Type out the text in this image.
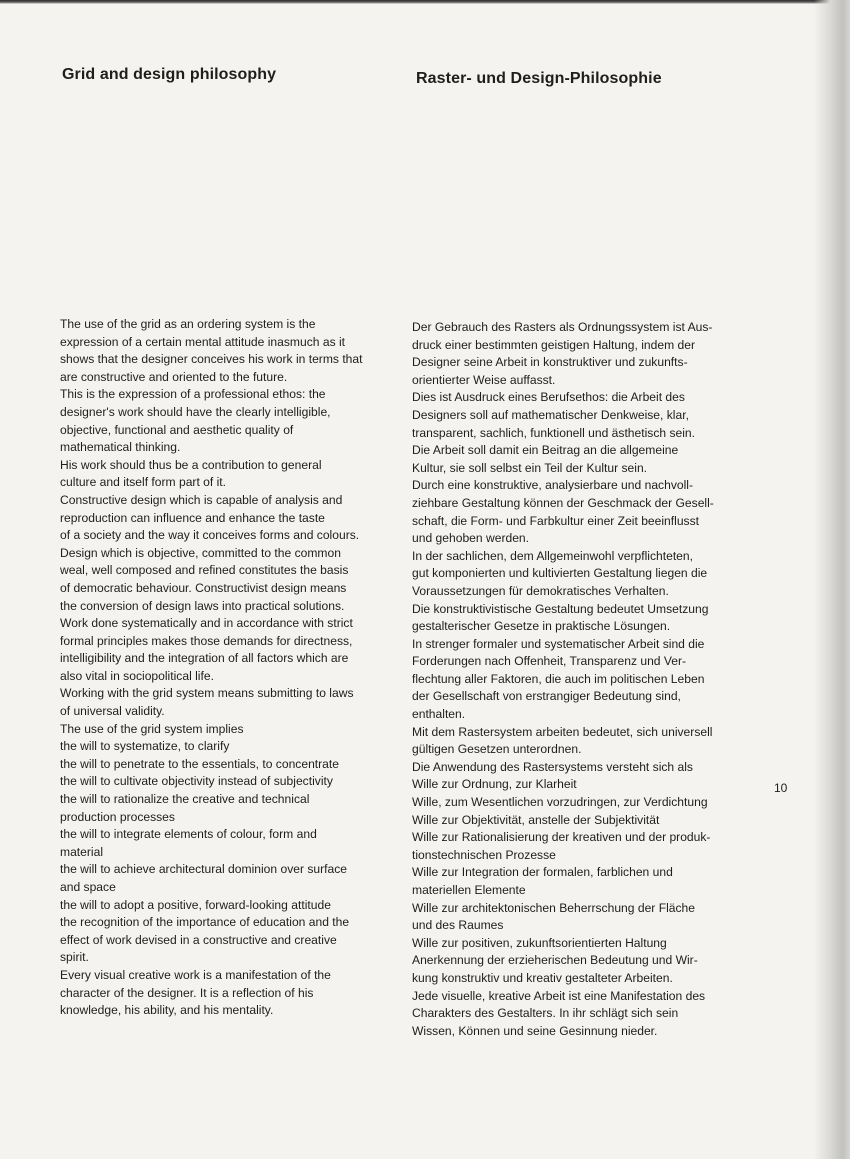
Grid and design philosophy	Raster- und Design-Philosophie
The use of the grid as an ordering system is the
expression of a certain mental attitude inasmuch as it
shows that the designer conceives his work in terms that
are constructive and oriented to the future.
This is the expression of a professional ethos: the
designer's work should have the clearly intelligible,
objective, functional and aesthetic quality of
mathematical thinking.
His work should thus be a contribution to general
culture and itself form part of it.
Constructive design which is capable of analysis and
reproduction can influence and enhance the taste
of a society and the way it conceives forms and colours.
Design which is objective, committed to the common
weal, well composed and refined constitutes the basis
of democratic behaviour. Constructivist design means
the conversion of design laws into practical solutions.
Work done systematically and in accordance with strict
formal principles makes those demands for directness,
intelligibility and the integration of all factors which are
also vital in sociopolitical life.
Working with the grid system means submitting to laws
of universal validity.
The use of the grid system implies
the will to systematize, to clarify
the will to penetrate to the essentials, to concentrate
the will to cultivate objectivity instead of subjectivity
the will to rationalize the creative and technical
production processes
the will to integrate elements of colour, form and
material
the will to achieve architectural dominion over surface
and space
the will to adopt a positive, forward-looking attitude
the recognition of the importance of education and the
effect of work devised in a constructive and creative
spirit.
Every visual creative work is a manifestation of the
character of the designer. It is a reflection of his
knowledge, his ability, and his mentality.
Der Gebrauch des Rasters als Ordnungssystem ist Aus-
druck einer bestimmten geistigen Haltung, indem der
Designer seine Arbeit in konstruktiver und zukunfts-
orientierter Weise auffasst.
Dies ist Ausdruck eines Berufsethos: die Arbeit des
Designers soll auf mathematischer Denkweise, klar,
transparent, sachlich, funktionell und ästhetisch sein.
Die Arbeit soll damit ein Beitrag an die allgemeine
Kultur, sie soll selbst ein Teil der Kultur sein.
Durch eine konstruktive, analysierbare und nachvoll-
ziehbare Gestaltung können der Geschmack der Gesell-
schaft, die Form- und Farbkultur einer Zeit beeinflusst
und gehoben werden.
In der sachlichen, dem Allgemeinwohl verpflichteten,
gut komponierten und kultivierten Gestaltung liegen die
Voraussetzungen für demokratisches Verhalten.
Die konstruktivistische Gestaltung bedeutet Umsetzung
gestalterischer Gesetze in praktische Lösungen.
In strenger formaler und systematischer Arbeit sind die
Forderungen nach Offenheit, Transparenz und Ver-
flechtung aller Faktoren, die auch im politischen Leben
der Gesellschaft von erstrangiger Bedeutung sind,
enthalten.
Mit dem Rastersystem arbeiten bedeutet, sich universell
gültigen Gesetzen unterordnen.
Die Anwendung des Rastersystems versteht sich als
Wille zur Ordnung, zur Klarheit
Wille, zum Wesentlichen vorzudringen, zur Verdichtung
Wille zur Objektivität, anstelle der Subjektivität
Wille zur Rationalisierung der kreativen und der produk-
tionstechnischen Prozesse
Wille zur Integration der formalen, farblichen und
materiellen Elemente
Wille zur architektonischen Beherrschung der Fläche
und des Raumes
Wille zur positiven, zukunftsorientierten Haltung
Anerkennung der erzieherischen Bedeutung und Wir-
kung konstruktiv und kreativ gestalteter Arbeiten.
Jede visuelle, kreative Arbeit ist eine Manifestation des
Charakters des Gestalters. In ihr schlägt sich sein
Wissen, Können und seine Gesinnung nieder.
10
